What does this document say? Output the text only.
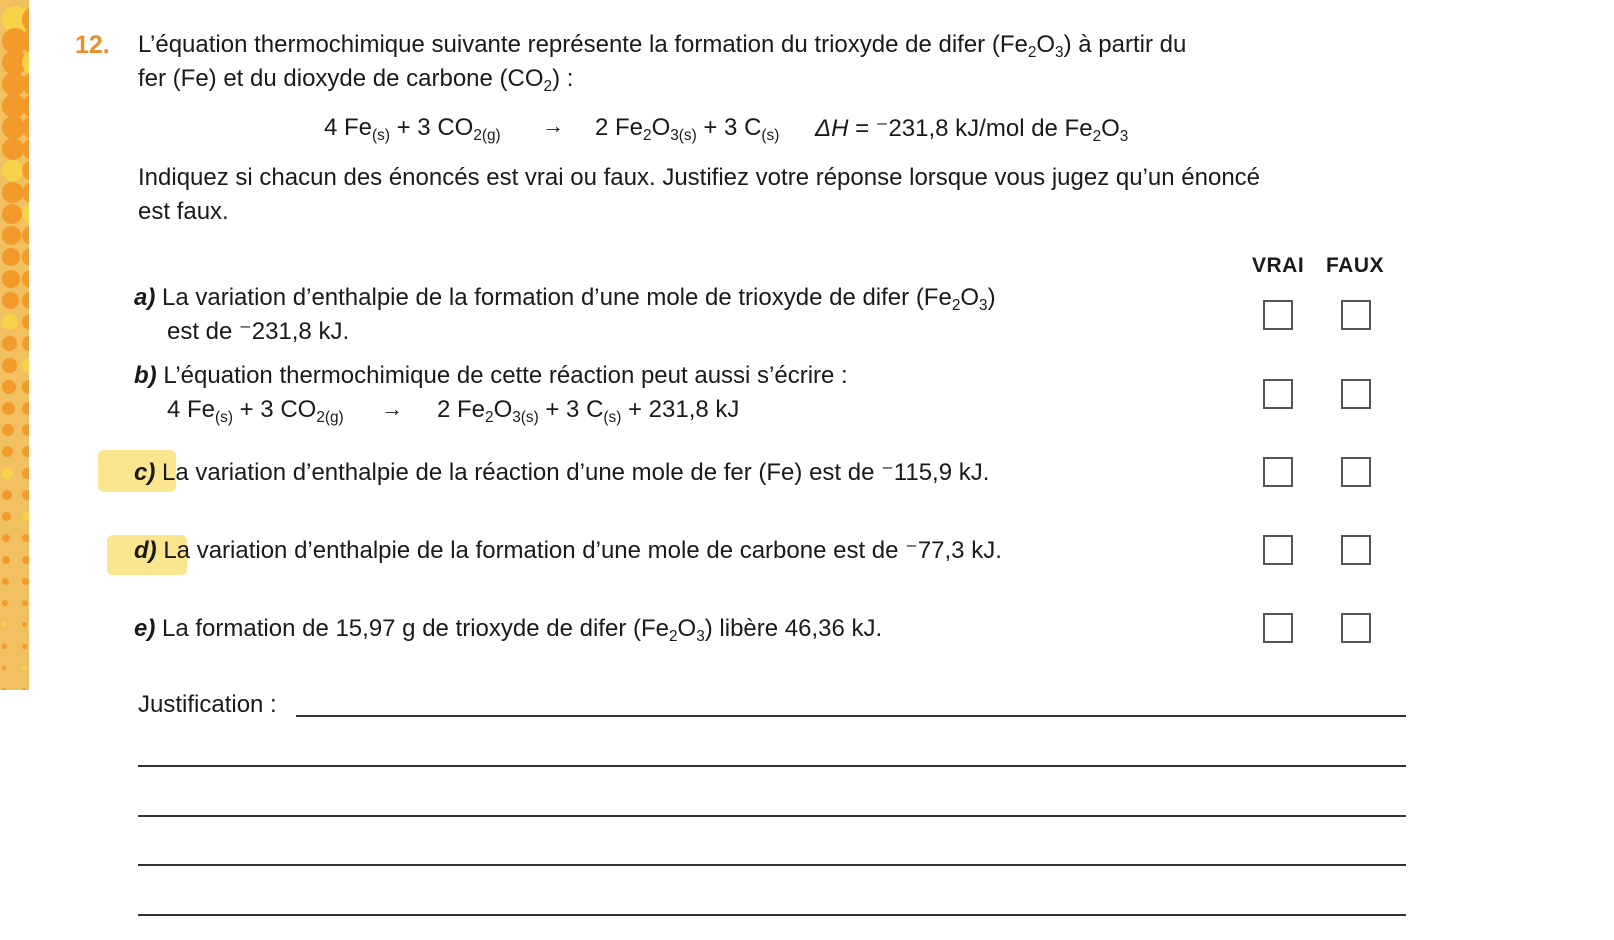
12. L’équation thermochimique suivante représente la formation du trioxyde de difer $(Fe_2O_3)$ à partir du
fer (Fe) et du dioxyde de carbone $(CO_2)$ :
4 $Fe_{(s)} + 3$ $CO_{2(g)} \to 2$ $Fe_2O_{3(s)} + 3$ $C_{(s)}$ ΔH = ⁻231,8 kJ/mol de $Fe_2O_3$
Indiquez si chacun des énoncés est vrai ou faux. Justifiez votre réponse lorsque vous jugez qu’un énoncé
est faux.
VRAI FAUX
a) La variation d’enthalpie de la formation d’une mole de trioxyde de difer $(Fe_2O_3)$
est de ⁻231,8 kJ.
b) L’équation thermochimique de cette réaction peut aussi s’écrire :
4 $Fe_{(s)} + 3$ $CO_{2(g)} \to 2$ $Fe_2O_{3(s)} + 3$ $C_{(s)} + 231,8$ kJ
c) La variation d’enthalpie de la réaction d’une mole de fer (Fe) est de ⁻115,9 kJ.
d) La variation d’enthalpie de la formation d’une mole de carbone est de ⁻77,3 kJ.
e) La formation de 15,97 g de trioxyde de difer $(Fe_2O_3)$ libère 46,36 kJ.
Justification :
